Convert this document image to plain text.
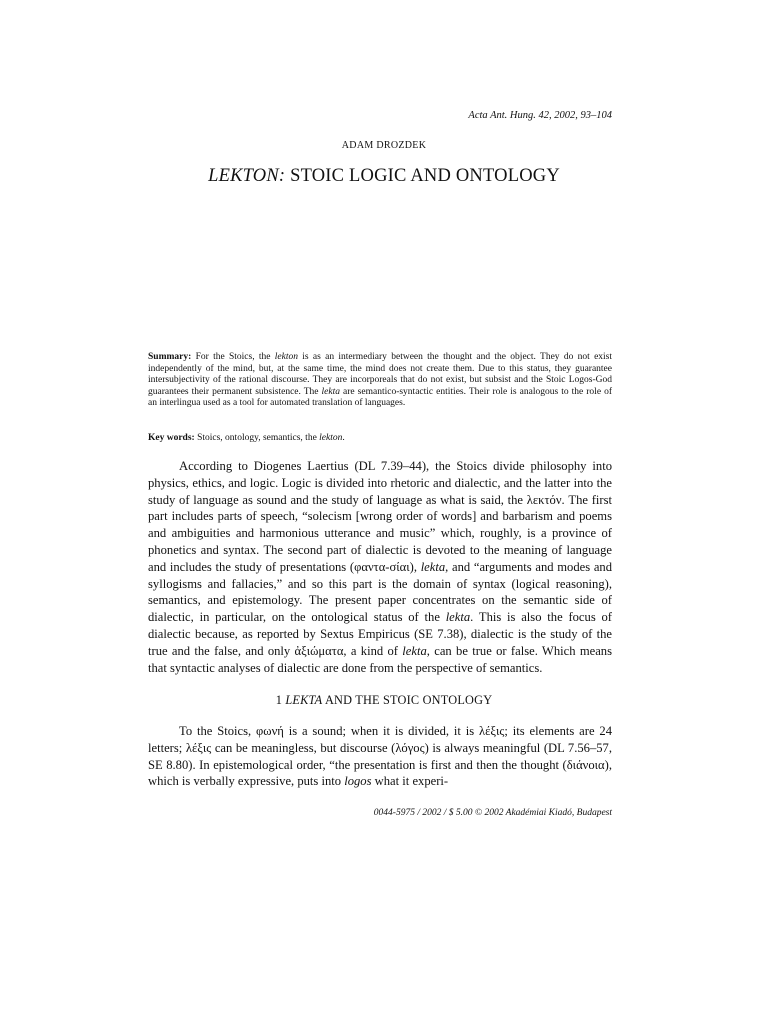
Acta Ant. Hung. 42, 2002, 93–104
ADAM DROZDEK
LEKTON: STOIC LOGIC AND ONTOLOGY
Summary: For the Stoics, the lekton is as an intermediary between the thought and the object. They do not exist independently of the mind, but, at the same time, the mind does not create them. Due to this status, they guarantee intersubjectivity of the rational discourse. They are incorporeals that do not exist, but subsist and the Stoic Logos-God guarantees their permanent subsistence. The lekta are semantico-syntactic entities. Their role is analogous to the role of an interlingua used as a tool for automated translation of languages.
Key words: Stoics, ontology, semantics, the lekton.
According to Diogenes Laertius (DL 7.39–44), the Stoics divide philosophy into physics, ethics, and logic. Logic is divided into rhetoric and dialectic, and the latter into the study of language as sound and the study of language as what is said, the λεκτόν. The first part includes parts of speech, “solecism [wrong order of words] and barbarism and poems and ambiguities and harmonious utterance and music” which, roughly, is a province of phonetics and syntax. The second part of dialectic is devoted to the meaning of language and includes the study of presentations (φαντα-σίαι), lekta, and “arguments and modes and syllogisms and fallacies,” and so this part is the domain of syntax (logical reasoning), semantics, and epistemology. The present paper concentrates on the semantic side of dialectic, in particular, on the ontological status of the lekta. This is also the focus of dialectic because, as reported by Sextus Empiricus (SE 7.38), dialectic is the study of the true and the false, and only ἀξιώματα, a kind of lekta, can be true or false. Which means that syntactic analyses of dialectic are done from the perspective of semantics.
1 LEKTA AND THE STOIC ONTOLOGY
To the Stoics, φωνή is a sound; when it is divided, it is λέξις; its elements are 24 letters; λέξις can be meaningless, but discourse (λόγος) is always meaningful (DL 7.56–57, SE 8.80). In epistemological order, “the presentation is first and then the thought (διάνοια), which is verbally expressive, puts into logos what it experi-
0044-5975 / 2002 / $ 5.00 © 2002 Akadémiai Kiadó, Budapest
